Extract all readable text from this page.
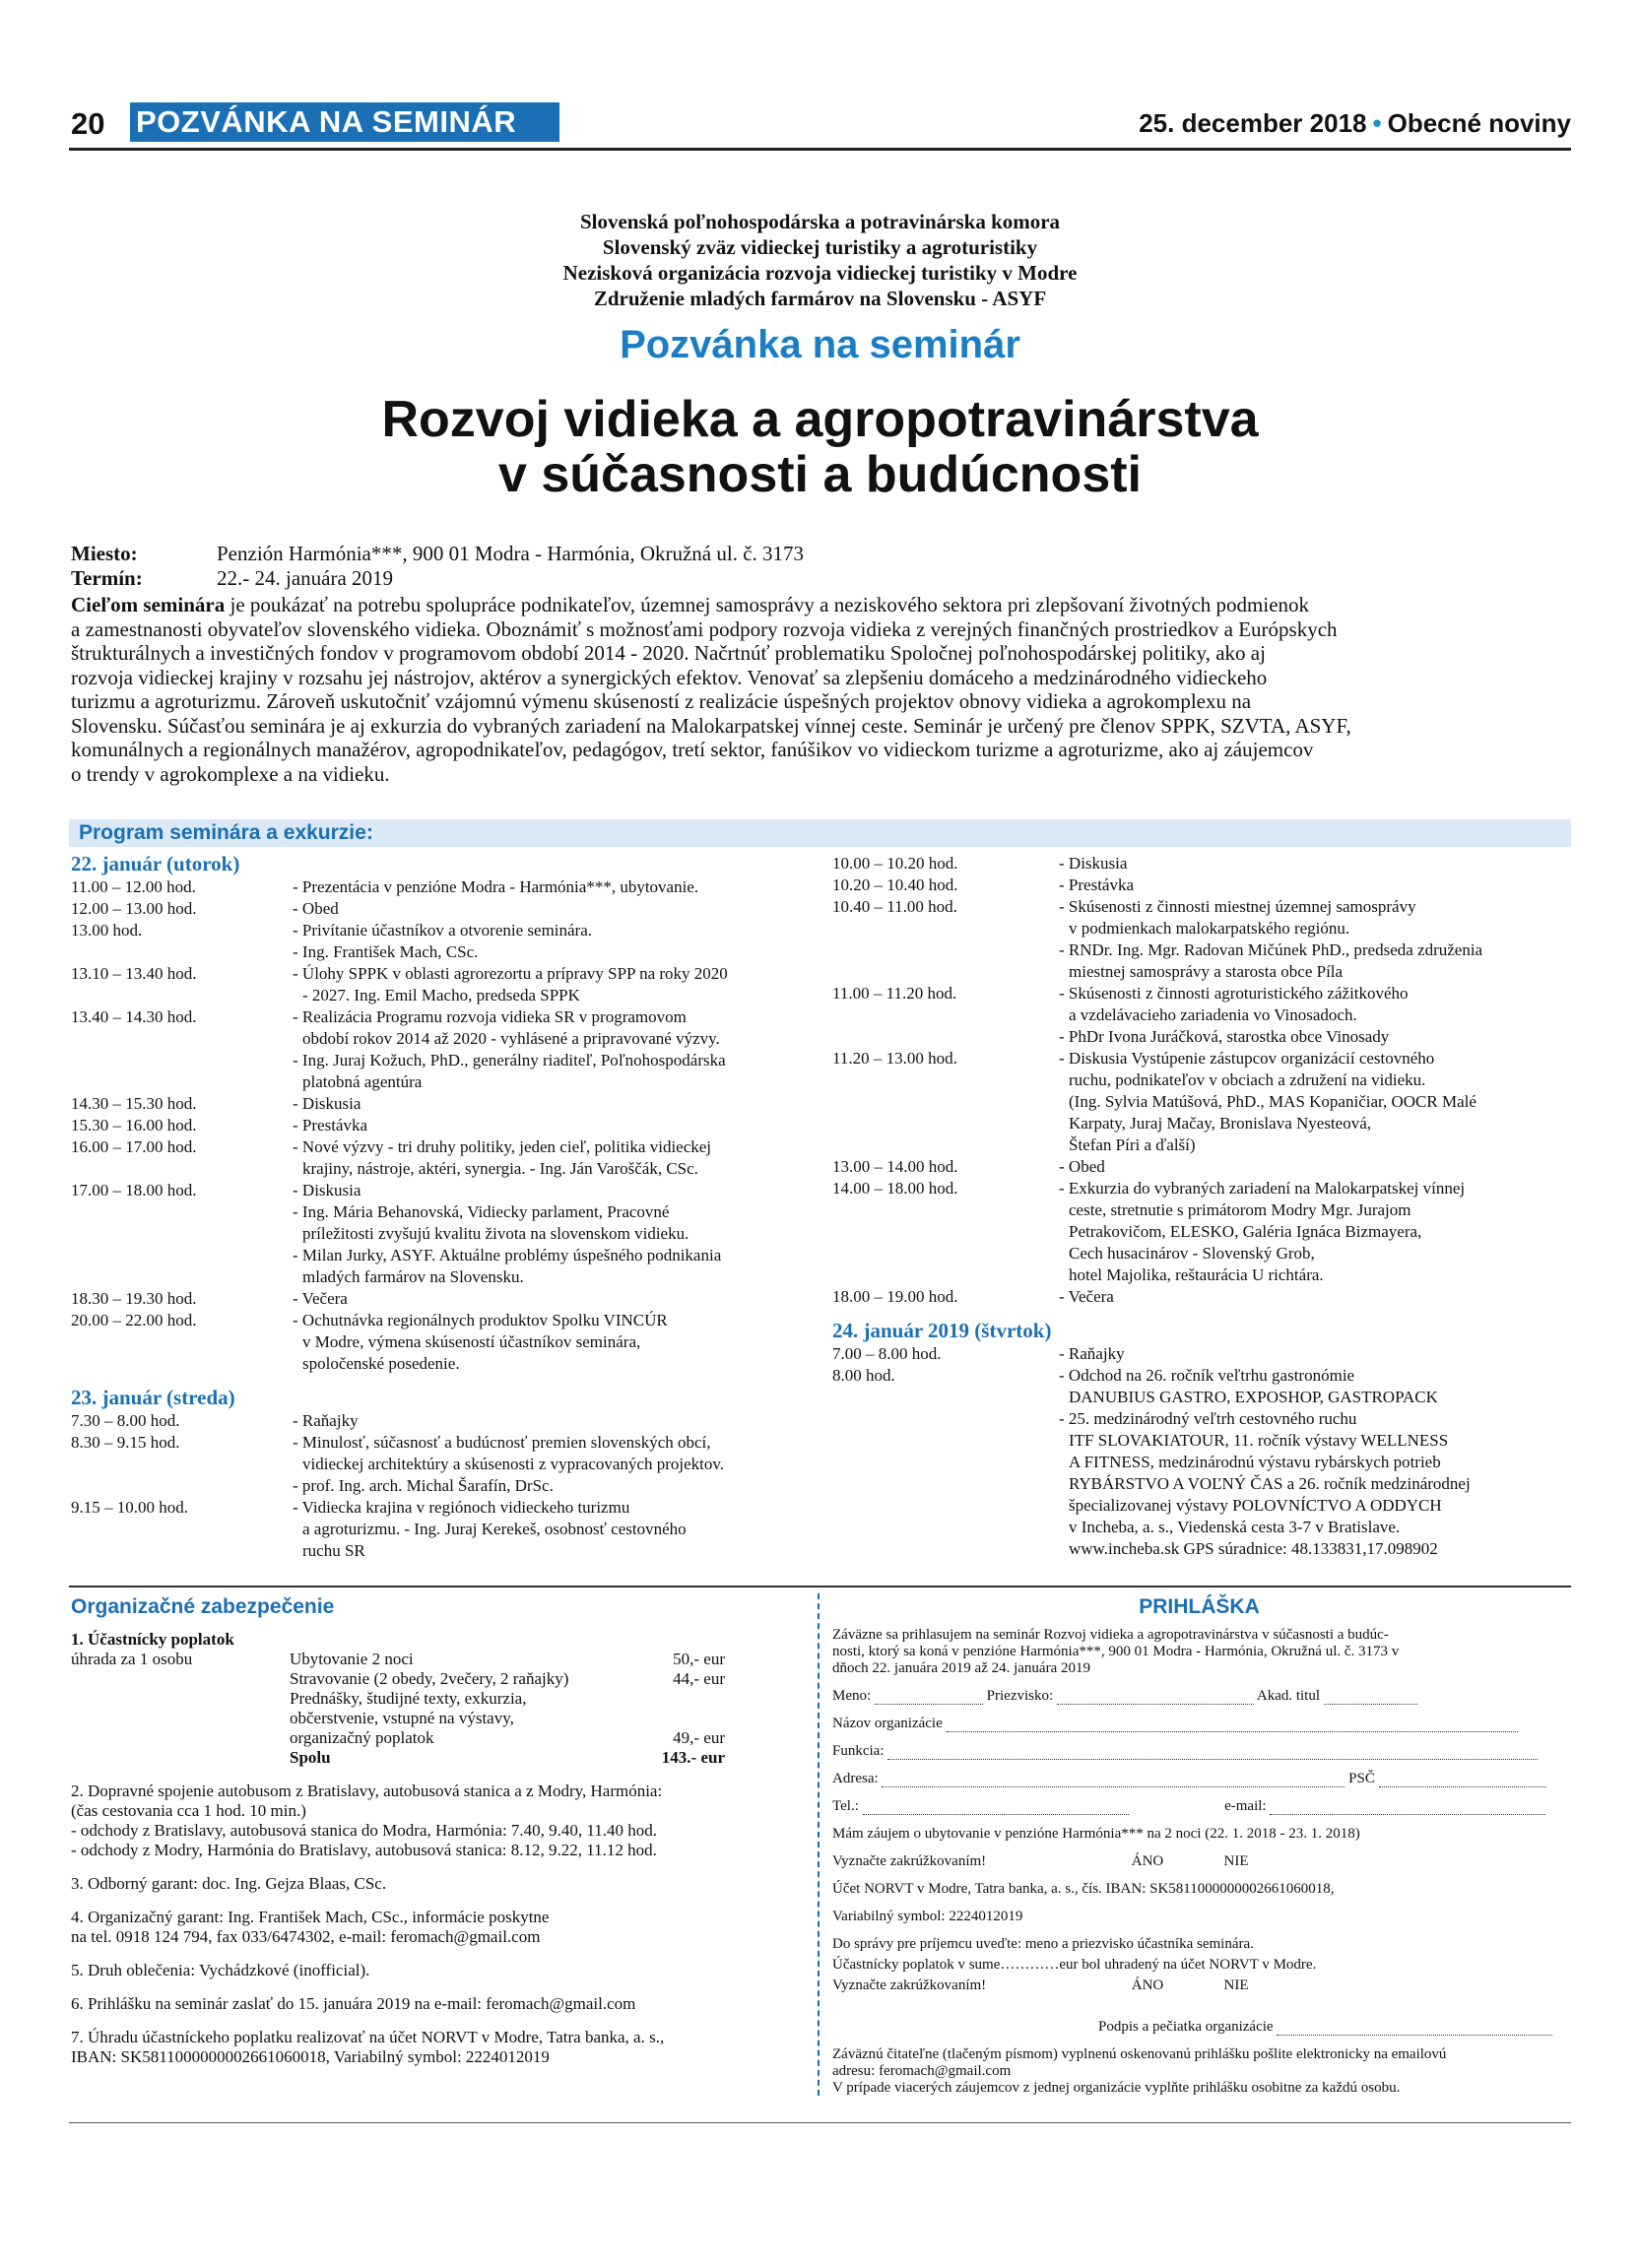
20 POZVÁNKA NA SEMINÁR	25. december 2018 • Obecné noviny
Slovenská poľnohospodárska a potravinárska komora
Slovenský zväz vidieckej turistiky a agroturistiky
Nezisková organizácia rozvoja vidieckej turistiky v Modre
Združenie mladých farmárov na Slovensku - ASYF
Pozvánka na seminár
Rozvoj vidieka a agropotravinárstva
v súčasnosti a budúcnosti
Miesto:	Penzión Harmónia***, 900 01 Modra - Harmónia, Okružná ul. č. 3173
Termín:	22.- 24. januára 2019
Cieľom seminára je poukázať na potrebu spolupráce podnikateľov, územnej samosprávy a neziskového sektora pri zlepšovaní životných podmienok
a zamestnanosti obyvateľov slovenského vidieka. Oboznámiť s možnosťami podpory rozvoja vidieka z verejných finančných prostriedkov a Európskych
štrukturálnych a investičných fondov v programovom období 2014 - 2020. Načrtnúť problematiku Spoločnej poľnohospodárskej politiky, ako aj
rozvoja vidieckej krajiny v rozsahu jej nástrojov, aktérov a synergických efektov. Venovať sa zlepšeniu domáceho a medzinárodného vidieckeho
turizmu a agroturizmu. Zároveň uskutočniť vzájomnú výmenu skúseností z realizácie úspešných projektov obnovy vidieka a agrokomplexu na
Slovensku. Súčasťou seminára je aj exkurzia do vybraných zariadení na Malokarpatskej vínnej ceste. Seminár je určený pre členov SPPK, SZVTA, ASYF,
komunálnych a regionálnych manažérov, agropodnikateľov, pedagógov, tretí sektor, fanúšikov vo vidieckom turizme a agroturizme, ako aj záujemcov
o trendy v agrokomplexe a na vidieku.
Program seminára a exkurzie:
22. január (utorok)
11.00 – 12.00 hod.	- Prezentácia v penzióne Modra - Harmónia***, ubytovanie.
12.00 – 13.00 hod.	- Obed
13.00 hod.	- Privítanie účastníkov a otvorenie seminára.
- Ing. František Mach, CSc.
13.10 – 13.40 hod.	- Úlohy SPPK v oblasti agrorezortu a prípravy SPP na roky 2020
- 2027. Ing. Emil Macho, predseda SPPK
13.40 – 14.30 hod.	- Realizácia Programu rozvoja vidieka SR v programovom
období rokov 2014 až 2020 - vyhlásené a pripravované výzvy.
- Ing. Juraj Kožuch, PhD., generálny riaditeľ, Poľnohospodárska
platobná agentúra
14.30 – 15.30 hod.	- Diskusia
15.30 – 16.00 hod.	- Prestávka
16.00 – 17.00 hod.	- Nové výzvy - tri druhy politiky, jeden cieľ, politika vidieckej
krajiny, nástroje, aktéri, synergia. - Ing. Ján Varoščák, CSc.
17.00 – 18.00 hod.	- Diskusia
- Ing. Mária Behanovská, Vidiecky parlament, Pracovné
príležitosti zvyšujú kvalitu života na slovenskom vidieku.
- Milan Jurky, ASYF. Aktuálne problémy úspešného podnikania
mladých farmárov na Slovensku.
18.30 – 19.30 hod.	- Večera
20.00 – 22.00 hod.	- Ochutnávka regionálnych produktov Spolku VINCÚR
v Modre, výmena skúseností účastníkov seminára,
spoločenské posedenie.
23. január (streda)
7.30 – 8.00 hod.	- Raňajky
8.30 – 9.15 hod.	- Minulosť, súčasnosť a budúcnosť premien slovenských obcí,
vidieckej architektúry a skúsenosti z vypracovaných projektov.
- prof. Ing. arch. Michal Šarafín, DrSc.
9.15 – 10.00 hod.	- Vidiecka krajina v regiónoch vidieckeho turizmu
a agroturizmu. - Ing. Juraj Kerekeš, osobnosť cestovného
ruchu SR
10.00 – 10.20 hod.	- Diskusia
10.20 – 10.40 hod.	- Prestávka
10.40 – 11.00 hod.	- Skúsenosti z činnosti miestnej územnej samosprávy
v podmienkach malokarpatského regiónu.
- RNDr. Ing. Mgr. Radovan Mičúnek PhD., predseda združenia
miestnej samosprávy a starosta obce Píla
11.00 – 11.20 hod.	- Skúsenosti z činnosti agroturistického zážitkového
a vzdelávacieho zariadenia vo Vinosadoch.
- PhDr Ivona Juráčková, starostka obce Vinosady
11.20 – 13.00 hod.	- Diskusia Vystúpenie zástupcov organizácií cestovného
ruchu, podnikateľov v obciach a združení na vidieku.
(Ing. Sylvia Matúšová, PhD., MAS Kopaničiar, OOCR Malé
Karpaty, Juraj Mačay, Bronislava Nyesteová,
Štefan Píri a ďalší)
13.00 – 14.00 hod.	- Obed
14.00 – 18.00 hod.	- Exkurzia do vybraných zariadení na Malokarpatskej vínnej
ceste, stretnutie s primátorom Modry Mgr. Jurajom
Petrakovičom, ELESKO, Galéria Ignáca Bizmayera,
Cech husacinárov - Slovenský Grob,
hotel Majolika, reštaurácia U richtára.
18.00 – 19.00 hod.	- Večera
24. január 2019 (štvrtok)
7.00 – 8.00 hod.	- Raňajky
8.00 hod.	- Odchod na 26. ročník veľtrhu gastronómie
DANUBIUS GASTRO, EXPOSHOP, GASTROPACK
- 25. medzinárodný veľtrh cestovného ruchu
ITF SLOVAKIATOUR, 11. ročník výstavy WELLNESS
A FITNESS, medzinárodnú výstavu rybárskych potrieb
RYBÁRSTVO A VOĽNÝ ČAS a 26. ročník medzinárodnej
špecializovanej výstavy POLOVNÍCTVO A ODDYCH
v Incheba, a. s., Viedenská cesta 3-7 v Bratislave.
www.incheba.sk GPS súradnice: 48.133831,17.098902
Organizačné zabezpečenie
1. Účastnícky poplatok
úhrada za 1 osobu	Ubytovanie 2 noci	50,- eur
Stravovanie (2 obedy, 2večery, 2 raňajky)	44,- eur
Prednášky, študijné texty, exkurzia,
občerstvenie, vstupné na výstavy,
organizačný poplatok	49,- eur
Spolu	143.- eur
2. Dopravné spojenie autobusom z Bratislavy, autobusová stanica a z Modry, Harmónia:
(čas cestovania cca 1 hod. 10 min.)
- odchody z Bratislavy, autobusová stanica do Modra, Harmónia: 7.40, 9.40, 11.40 hod.
- odchody z Modry, Harmónia do Bratislavy, autobusová stanica: 8.12, 9.22, 11.12 hod.
3. Odborný garant: doc. Ing. Gejza Blaas, CSc.
4. Organizačný garant: Ing. František Mach, CSc., informácie poskytne
na tel. 0918 124 794, fax 033/6474302, e-mail: feromach@gmail.com
5. Druh oblečenia: Vychádzkové (inofficial).
6. Prihlášku na seminár zaslať do 15. januára 2019 na e-mail: feromach@gmail.com
7. Úhradu účastníckeho poplatku realizovať na účet NORVT v Modre, Tatra banka, a. s.,
IBAN: SK5811000000002661060018, Variabilný symbol: 2224012019
PRIHLÁŠKA
Záväzne sa prihlasujem na seminár Rozvoj vidieka a agropotravinárstva v súčasnosti a budúc-
nosti, ktorý sa koná v penzióne Harmónia***, 900 01 Modra - Harmónia, Okružná ul. č. 3173 v
dňoch 22. januára 2019 až 24. januára 2019
Meno:	Priezvisko:	Akad. titul
Názov organizácie
Funkcia:
Adresa:	PSČ
Tel.:	e-mail:
Mám záujem o ubytovanie v penzióne Harmónia*** na 2 noci (22. 1. 2018 - 23. 1. 2018)
Vyznačte zakrúžkovaním!	ÁNO	NIE
Účet NORVT v Modre, Tatra banka, a. s., čís. IBAN: SK5811000000002661060018,
Variabilný symbol: 2224012019
Do správy pre príjemcu uveďte: meno a priezvisko účastníka seminára.
Účastnícky poplatok v sume…………eur bol uhradený na účet NORVT v Modre.
Vyznačte zakrúžkovaním!	ÁNO	NIE
Podpis a pečiatka organizácie
Záväznú čitateľne (tlačeným písmom) vyplnenú oskenovanú prihlášku pošlite elektronicky na emailovú
adresu: feromach@gmail.com
V prípade viacerých záujemcov z jednej organizácie vyplňte prihlášku osobitne za každú osobu.
